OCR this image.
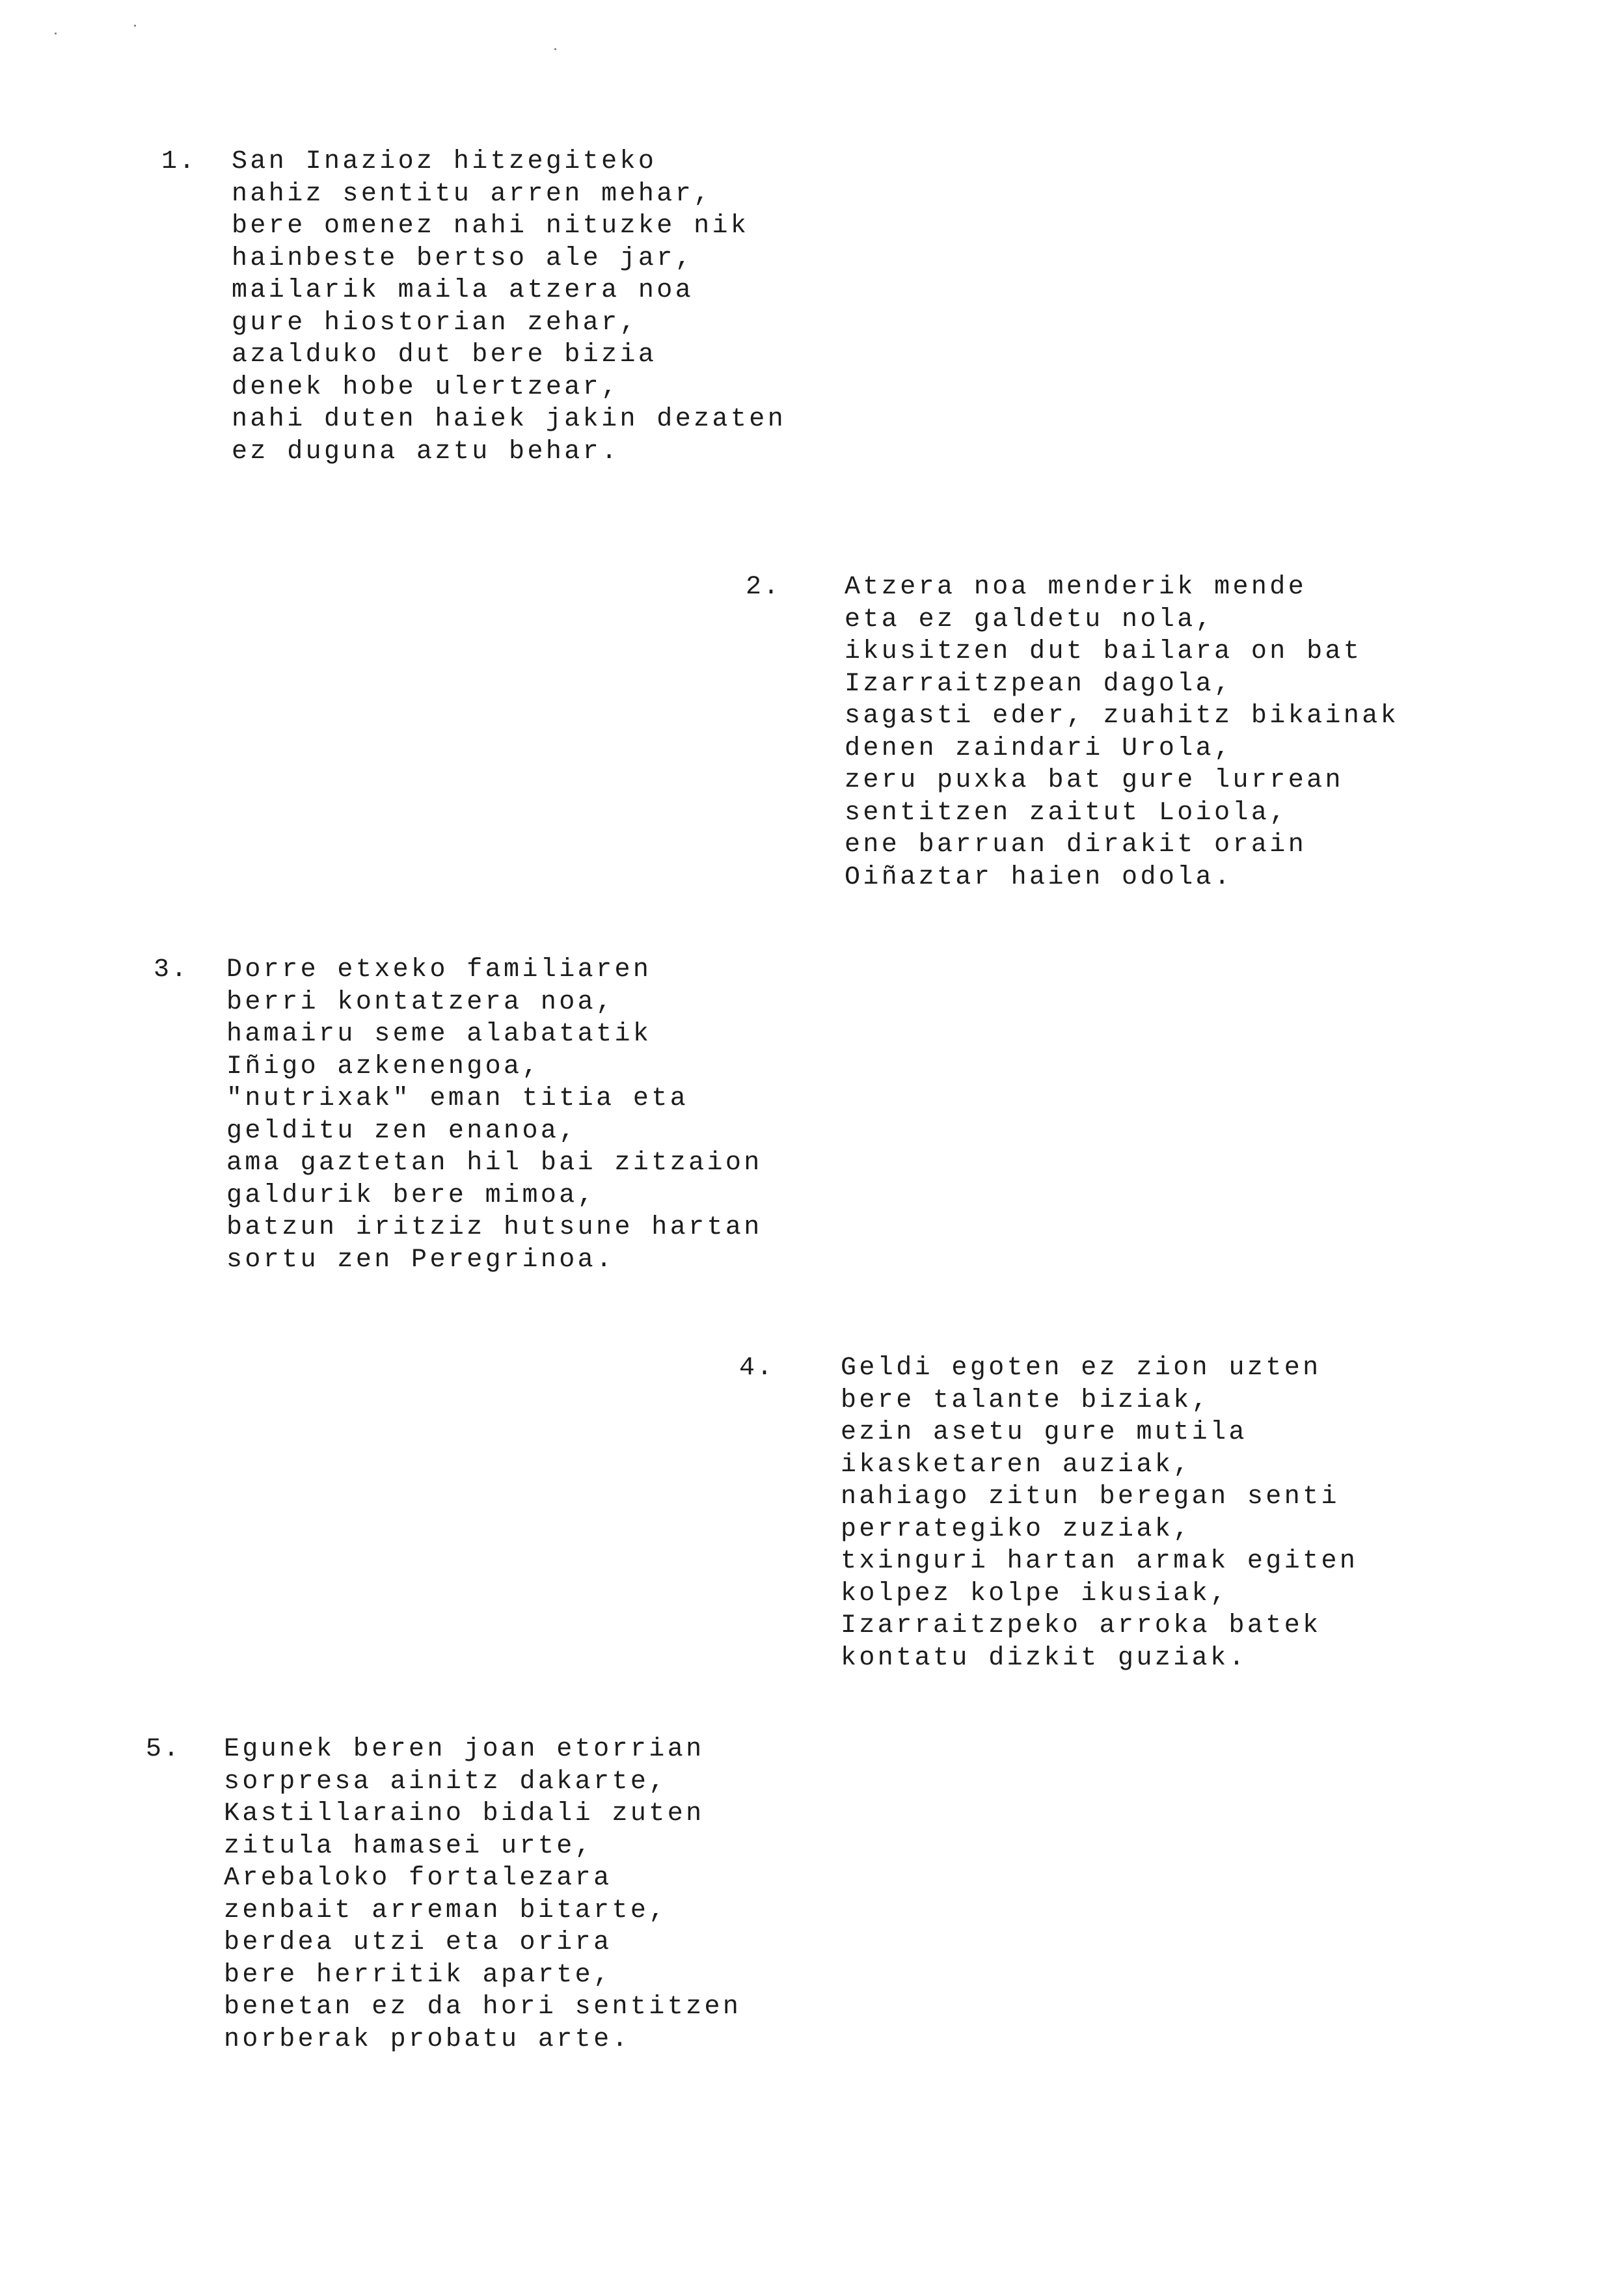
1. San Inazioz hitzegiteko
nahiz sentitu arren mehar,
bere omenez nahi nituzke nik
hainbeste bertso ale jar,
mailarik maila atzera noa
gure hiostorian zehar,
azalduko dut bere bizia
denek hobe ulertzear,
nahi duten haiek jakin dezaten
ez duguna aztu behar.
2. Atzera noa menderik mende
eta ez galdetu nola,
ikusitzen dut bailara on bat
Izarraitzpean dagola,
sagasti eder, zuahitz bikainak
denen zaindari Urola,
zeru puxka bat gure lurrean
sentitzen zaitut Loiola,
ene barruan dirakit orain
Oiñaztar haien odola.
3. Dorre etxeko familiaren
berri kontatzera noa,
hamairu seme alabatatik
Iñigo azkenengoa,
"nutrixak" eman titia eta
gelditu zen enanoa,
ama gaztetan hil bai zitzaion
galdurik bere mimoa,
batzun iritziz hutsune hartan
sortu zen Peregrinoa.
4.	Geldi egoten ez zion uzten
bere talante biziak,
ezin asetu gure mutila
ikasketaren auziak,
nahiago zitun beregan senti
perrategiko zuziak,
txinguri hartan armak egiten
kolpez kolpe ikusiak,
Izarraitzpeko arroka batek
kontatu dizkit guziak.
5. Egunek beren joan etorrian
sorpresa ainitz dakarte,
Kastillaraino bidali zuten
zitula hamasei urte,
Arebaloko fortalezara
zenbait arreman bitarte,
berdea utzi eta orira
bere herritik aparte,
benetan ez da hori sentitzen
norberak probatu arte.
